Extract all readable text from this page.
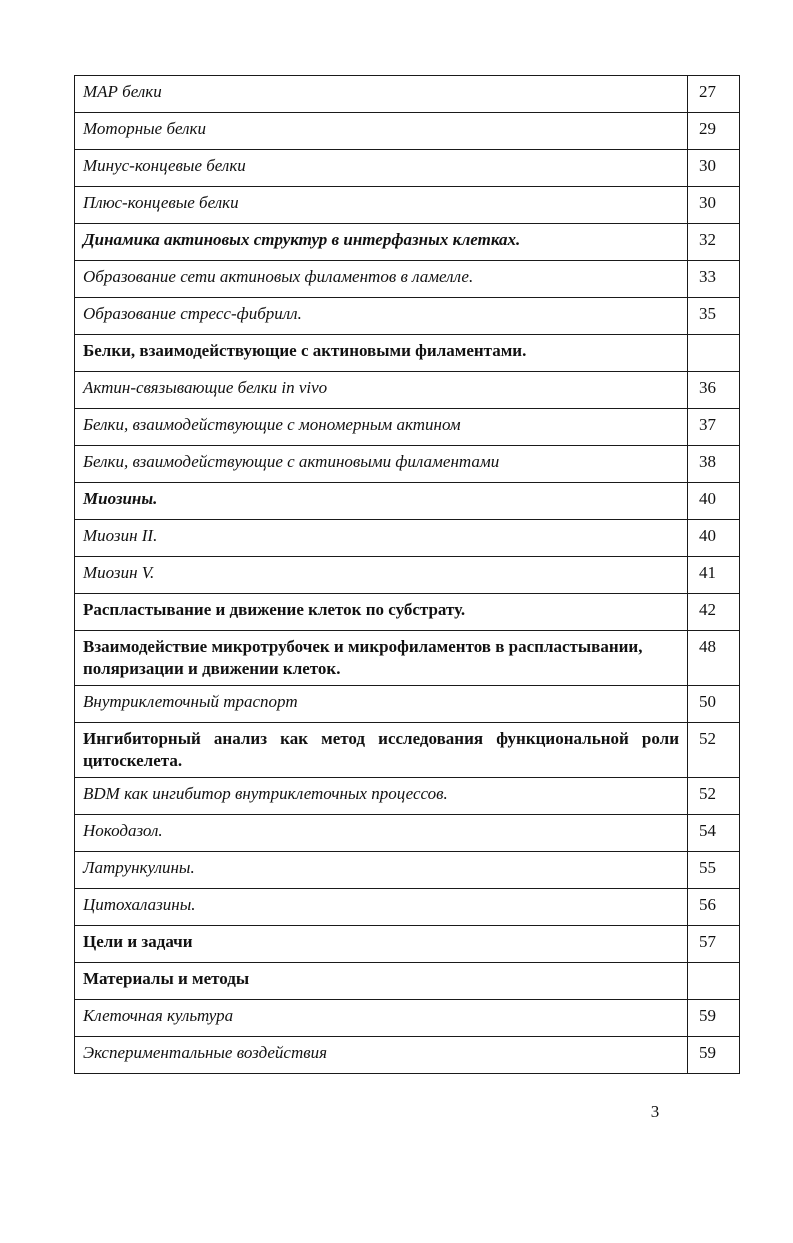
МАР белки	27
Моторные белки	29
Минус-концевые белки	30
Плюс-концевые белки	30
Динамика актиновых структур в интерфазных клетках.	32
Образование сети актиновых филаментов в ламелле.	33
Образование стресс-фибрилл.	35
Белки, взаимодействующие с актиновыми филаментами.	
Актин-связывающие белки in vivo	36
Белки, взаимодействующие с мономерным актином	37
Белки, взаимодействующие с актиновыми филаментами	38
Миозины.	40
Миозин II.	40
Миозин V.	41
Распластывание и движение клеток по субстрату.	42
Взаимодействие микротрубочек и микрофиламентов в распластывании, поляризации и движении клеток.	48
Внутриклеточный траспорт	50
Ингибиторный анализ как метод исследования функциональной роли цитоскелета.	52
BDM как ингибитор внутриклеточных процессов.	52
Нокодазол.	54
Латрункулины.	55
Цитохалазины.	56
Цели и задачи	57
Материалы и методы	
Клеточная культура	59
Экспериментальные воздействия	59
3
